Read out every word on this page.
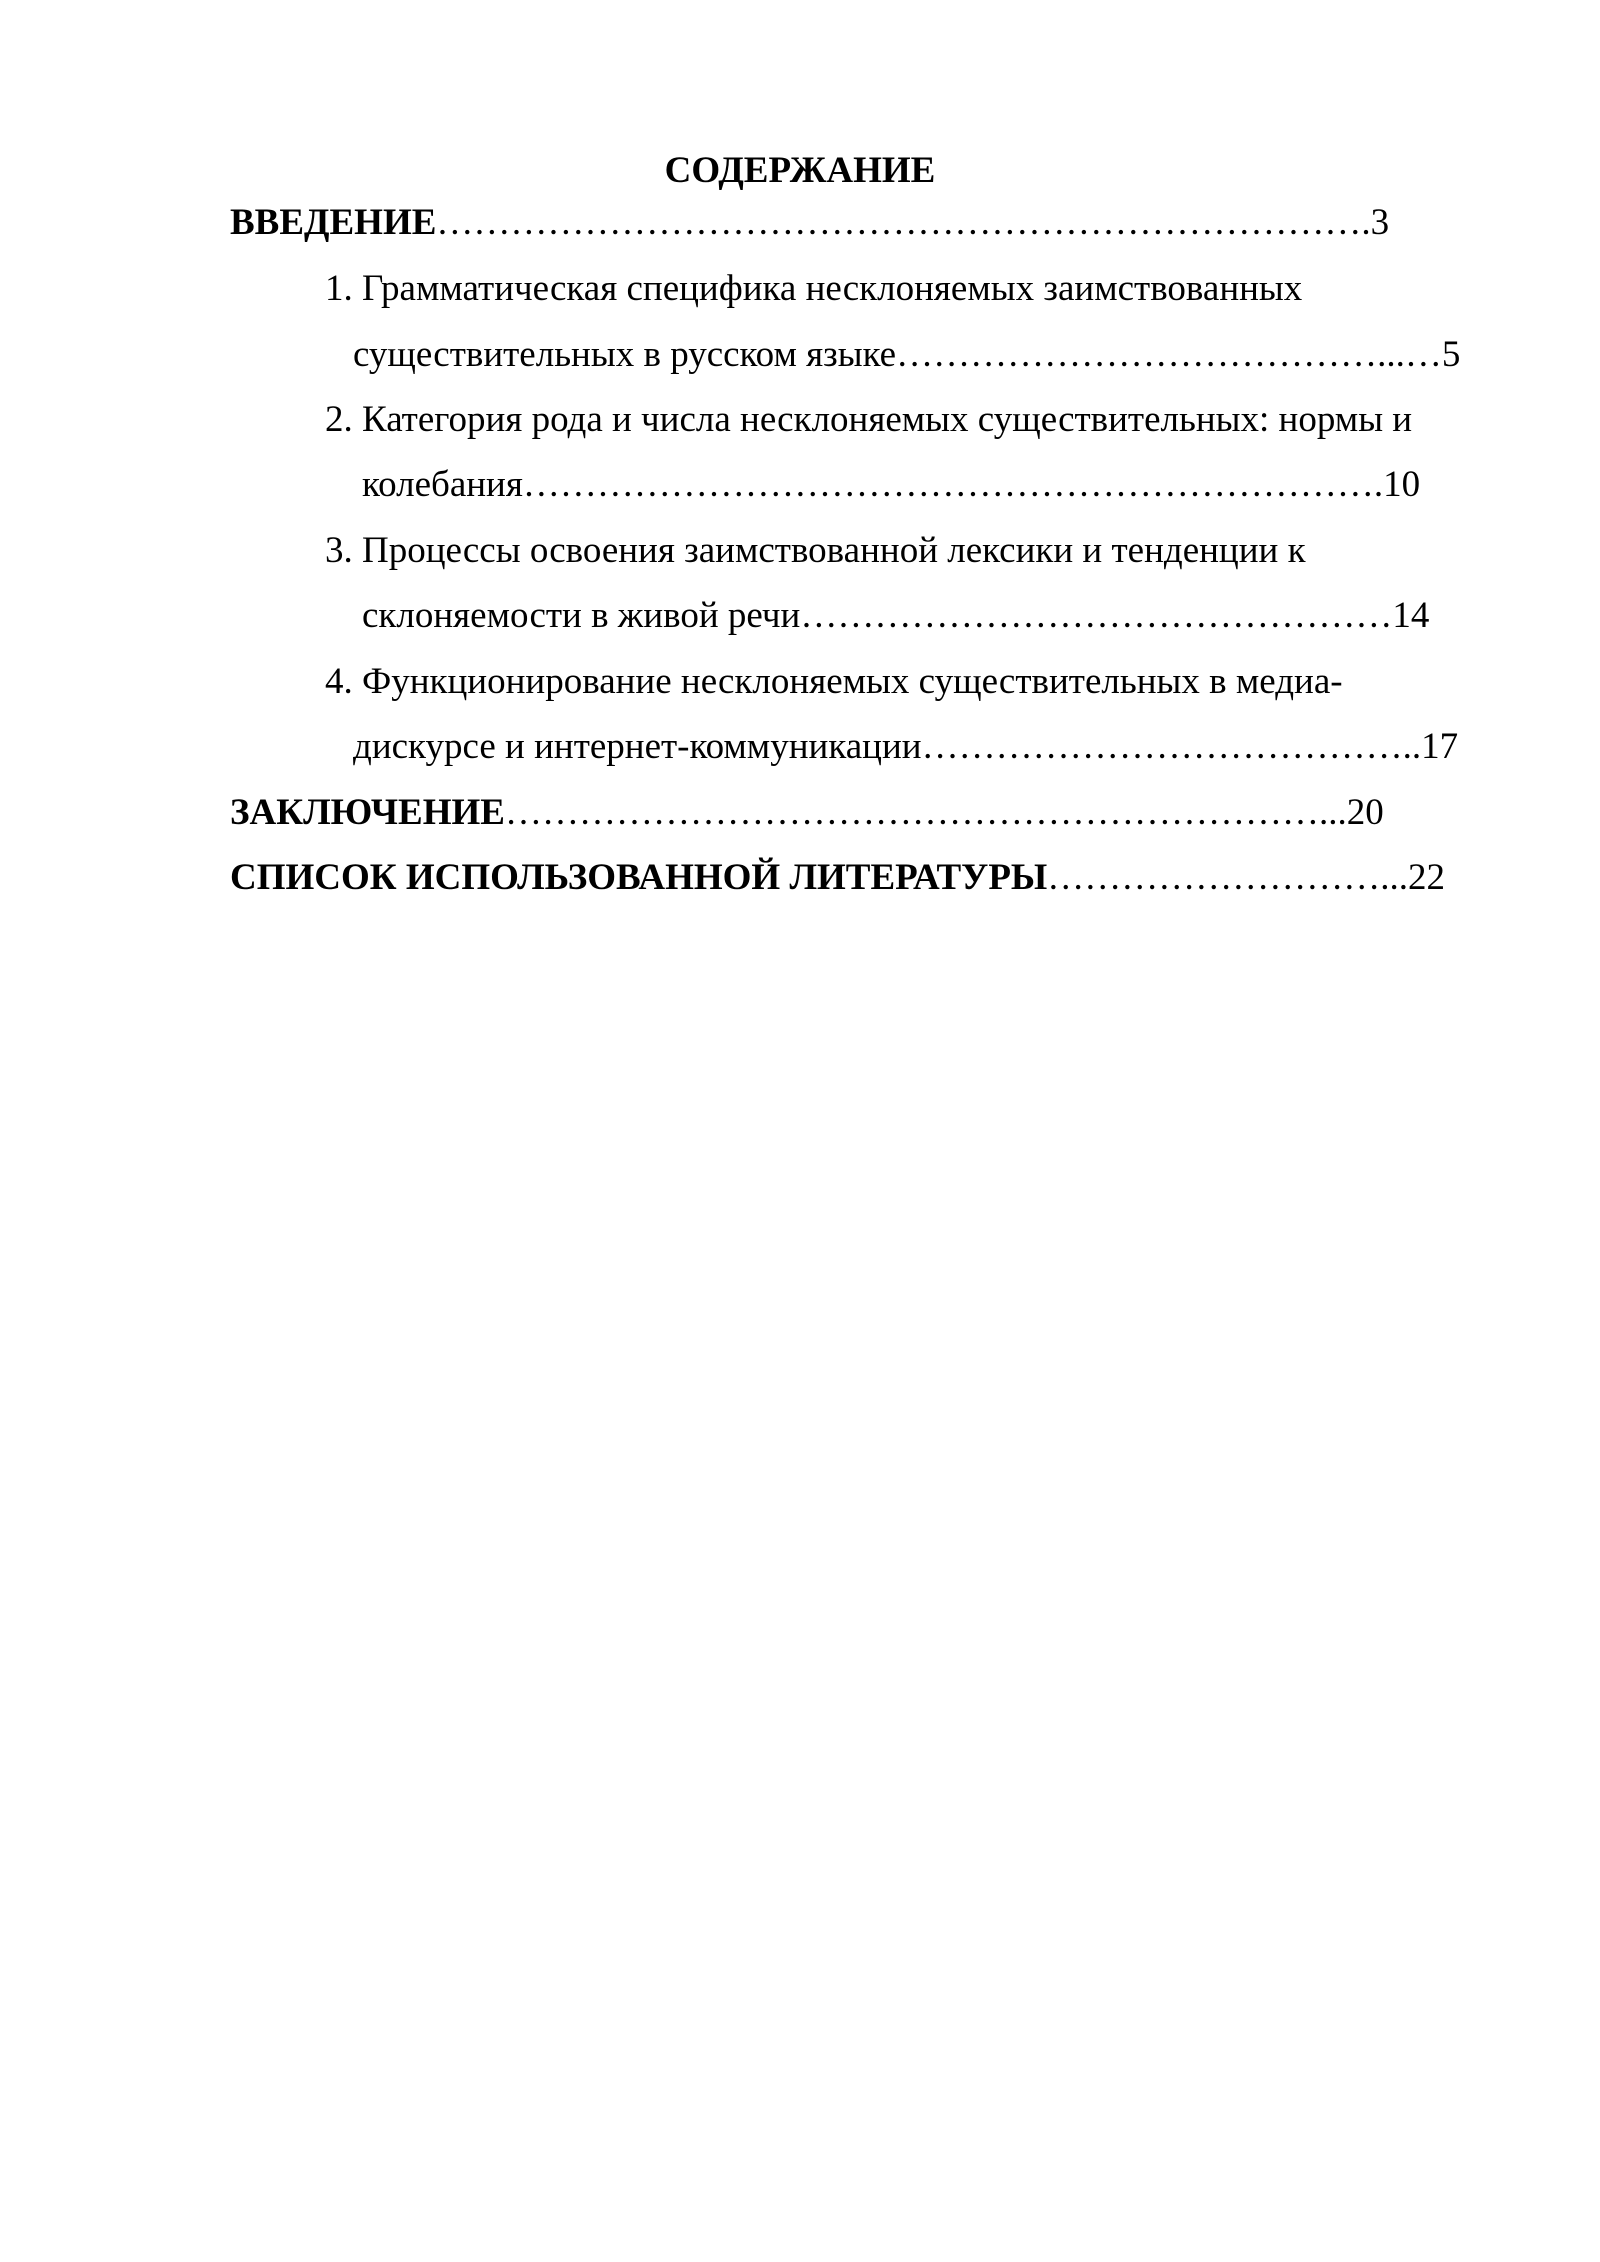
СОДЕРЖАНИЕ
ВВЕДЕНИЕ………………………………………………………………….3
1. Грамматическая специфика несклоняемых заимствованных
существительных в русском языке…………………………………...…5
2. Категория рода и числа несклоняемых существительных: нормы и
колебания…………………………………………………………….10
3. Процессы освоения заимствованной лексики и тенденции к
склоняемости в живой речи…………………………………………14
4. Функционирование несклоняемых существительных в медиа-
дискурсе и интернет-коммуникации…………………………………..17
ЗАКЛЮЧЕНИЕ…………………………………………………………...20
СПИСОК ИСПОЛЬЗОВАННОЙ ЛИТЕРАТУРЫ………………………...22
